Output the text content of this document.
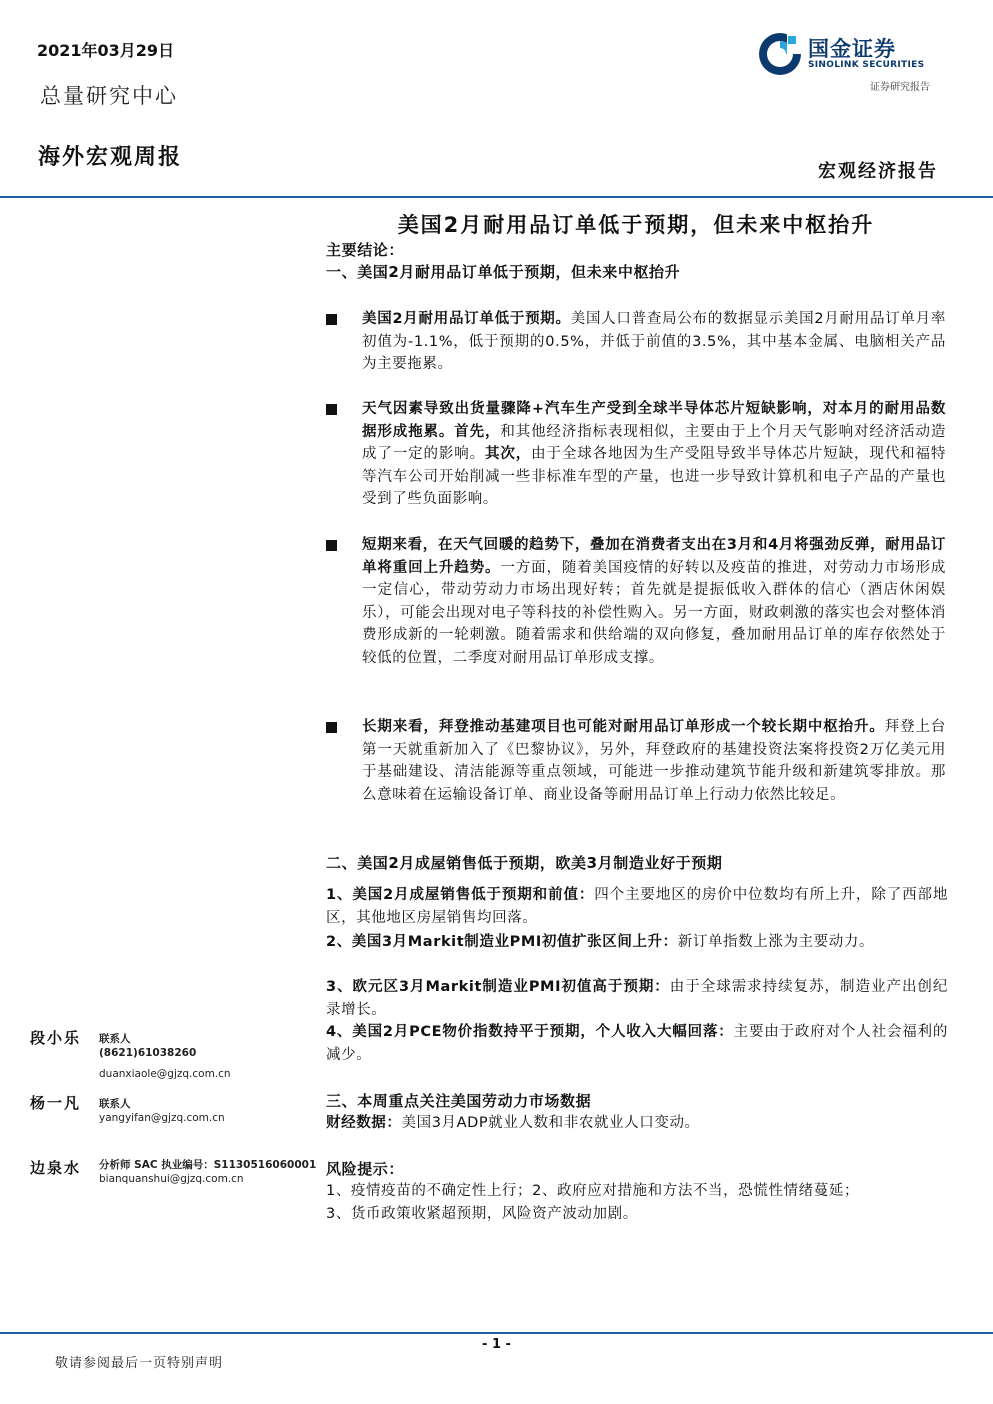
2021年03月29日
总量研究中心
海外宏观周报
国金证券
SINOLINK SECURITIES
证券研究报告
宏观经济报告
美国2月耐用品订单低于预期，但未来中枢抬升
主要结论：
一、美国2月耐用品订单低于预期，但未来中枢抬升
美国2月耐用品订单低于预期。美国人口普查局公布的数据显示美国2月耐用品订单月率初值为-1.1%，低于预期的0.5%，并低于前值的3.5%，其中基本金属、电脑相关产品为主要拖累。
天气因素导致出货量骤降+汽车生产受到全球半导体芯片短缺影响，对本月的耐用品数据形成拖累。首先，和其他经济指标表现相似，主要由于上个月天气影响对经济活动造成了一定的影响。其次，由于全球各地因为生产受阻导致半导体芯片短缺，现代和福特等汽车公司开始削减一些非标准车型的产量，也进一步导致计算机和电子产品的产量也受到了些负面影响。
短期来看，在天气回暖的趋势下，叠加在消费者支出在3月和4月将强劲反弹，耐用品订单将重回上升趋势。一方面，随着美国疫情的好转以及疫苗的推进，对劳动力市场形成一定信心，带动劳动力市场出现好转；首先就是提振低收入群体的信心（酒店休闲娱乐），可能会出现对电子等科技的补偿性购入。另一方面，财政刺激的落实也会对整体消费形成新的一轮刺激。随着需求和供给端的双向修复，叠加耐用品订单的库存依然处于较低的位置，二季度对耐用品订单形成支撑。
长期来看，拜登推动基建项目也可能对耐用品订单形成一个较长期中枢抬升。拜登上台第一天就重新加入了《巴黎协议》，另外，拜登政府的基建投资法案将投资2万亿美元用于基础建设、清洁能源等重点领域，可能进一步推动建筑节能升级和新建筑零排放。那么意味着在运输设备订单、商业设备等耐用品订单上行动力依然比较足。
二、美国2月成屋销售低于预期，欧美3月制造业好于预期
1、美国2月成屋销售低于预期和前值：四个主要地区的房价中位数均有所上升，除了西部地区，其他地区房屋销售均回落。
2、美国3月Markit制造业PMI初值扩张区间上升：新订单指数上涨为主要动力。
3、欧元区3月Markit制造业PMI初值高于预期：由于全球需求持续复苏，制造业产出创纪录增长。
4、美国2月PCE物价指数持平于预期，个人收入大幅回落：主要由于政府对个人社会福利的减少。
三、本周重点关注美国劳动力市场数据
财经数据：美国3月ADP就业人数和非农就业人口变动。
风险提示：
1、疫情疫苗的不确定性上行；2、政府应对措施和方法不当，恐慌性情绪蔓延；
3、货币政策收紧超预期，风险资产波动加剧。
段小乐 联系人
(8621)61038260
duanxiaole@gjzq.com.cn
杨一凡 联系人
yangyifan@gjzq.com.cn
边泉水 分析师 SAC 执业编号：S1130516060001
bianquanshui@gjzq.com.cn
- 1 -
敬请参阅最后一页特别声明
